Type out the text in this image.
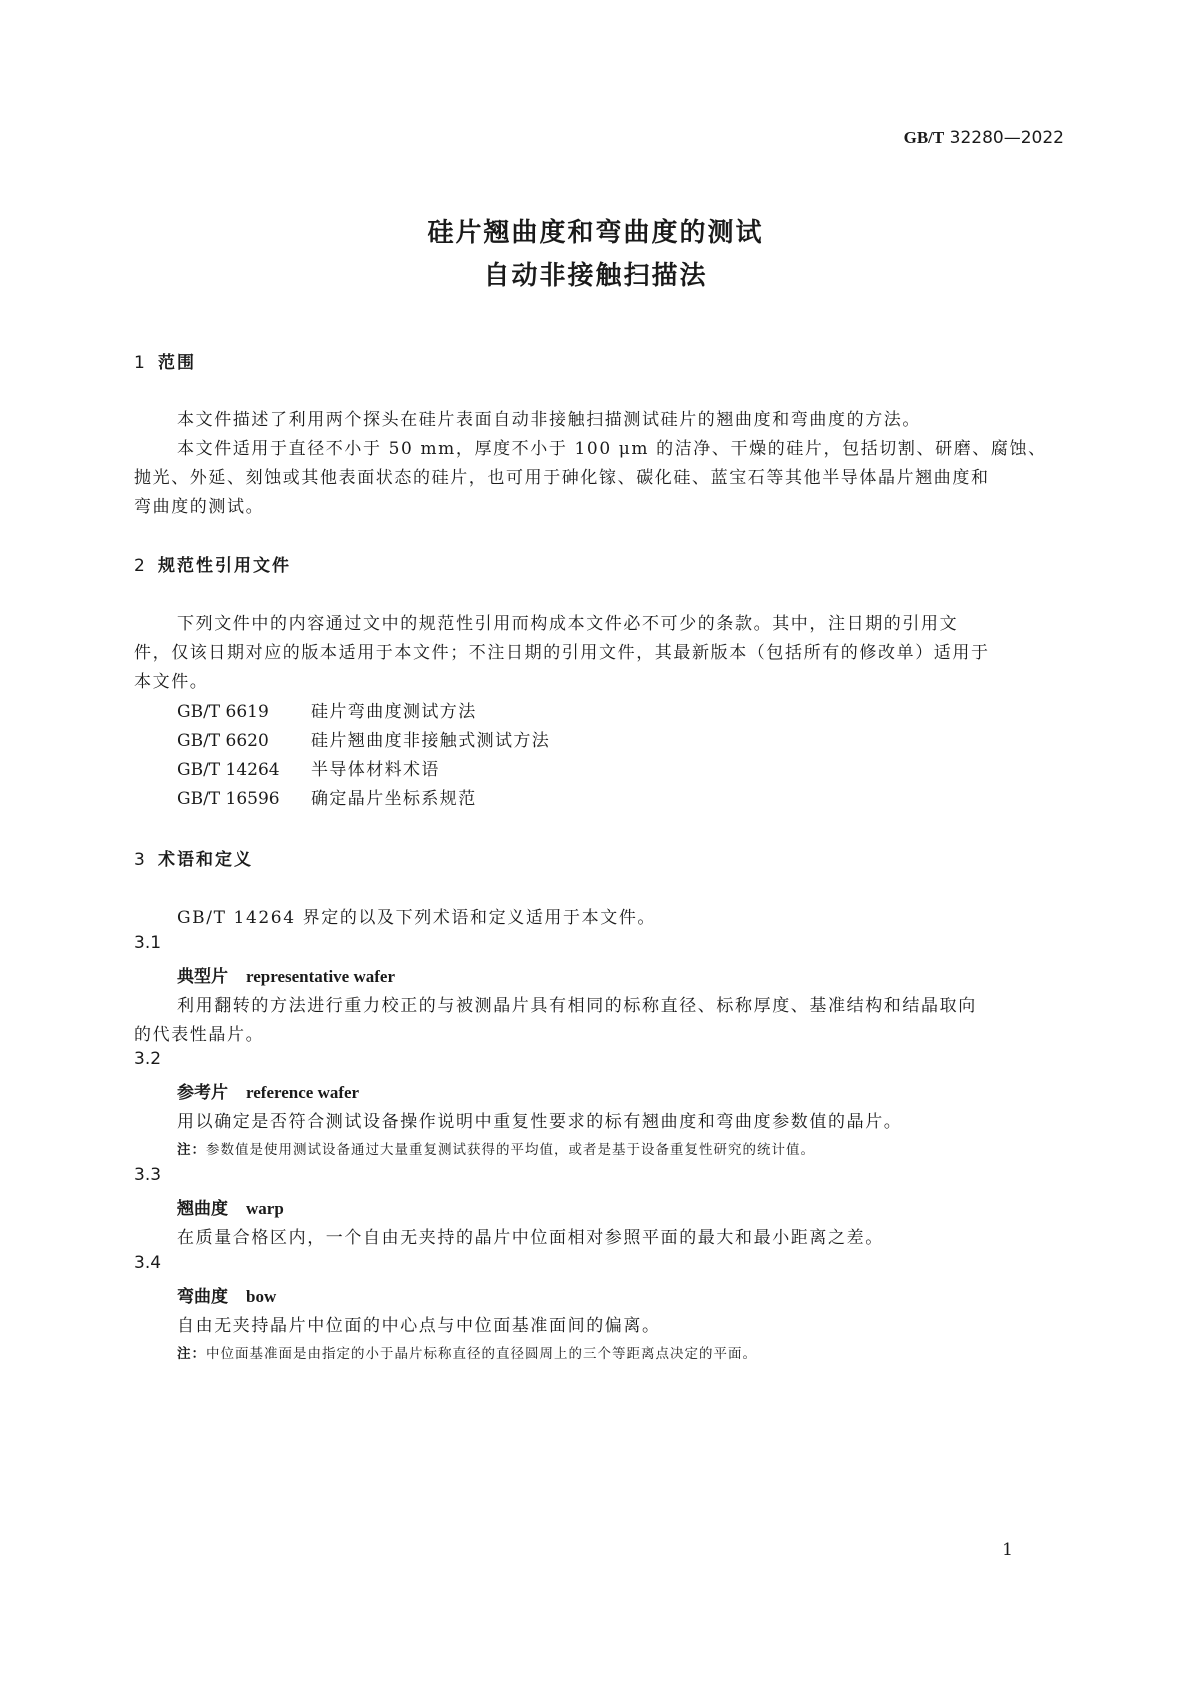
GB/T 32280—2022
硅片翘曲度和弯曲度的测试
自动非接触扫描法
1 范围
本文件描述了利用两个探头在硅片表面自动非接触扫描测试硅片的翘曲度和弯曲度的方法。
本文件适用于直径不小于 50 mm，厚度不小于 100 μm 的洁净、干燥的硅片，包括切割、研磨、腐蚀、
抛光、外延、刻蚀或其他表面状态的硅片，也可用于砷化镓、碳化硅、蓝宝石等其他半导体晶片翘曲度和
弯曲度的测试。
2 规范性引用文件
下列文件中的内容通过文中的规范性引用而构成本文件必不可少的条款。其中，注日期的引用文
件，仅该日期对应的版本适用于本文件；不注日期的引用文件，其最新版本（包括所有的修改单）适用于
本文件。
GB/T 6619 硅片弯曲度测试方法
GB/T 6620 硅片翘曲度非接触式测试方法
GB/T 14264 半导体材料术语
GB/T 16596 确定晶片坐标系规范
3 术语和定义
GB/T 14264 界定的以及下列术语和定义适用于本文件。
3.1
典型片 representative wafer
利用翻转的方法进行重力校正的与被测晶片具有相同的标称直径、标称厚度、基准结构和结晶取向
的代表性晶片。
3.2
参考片 reference wafer
用以确定是否符合测试设备操作说明中重复性要求的标有翘曲度和弯曲度参数值的晶片。
注：参数值是使用测试设备通过大量重复测试获得的平均值，或者是基于设备重复性研究的统计值。
3.3
翘曲度 warp
在质量合格区内，一个自由无夹持的晶片中位面相对参照平面的最大和最小距离之差。
3.4
弯曲度 bow
自由无夹持晶片中位面的中心点与中位面基准面间的偏离。
注：中位面基准面是由指定的小于晶片标称直径的直径圆周上的三个等距离点决定的平面。
1
